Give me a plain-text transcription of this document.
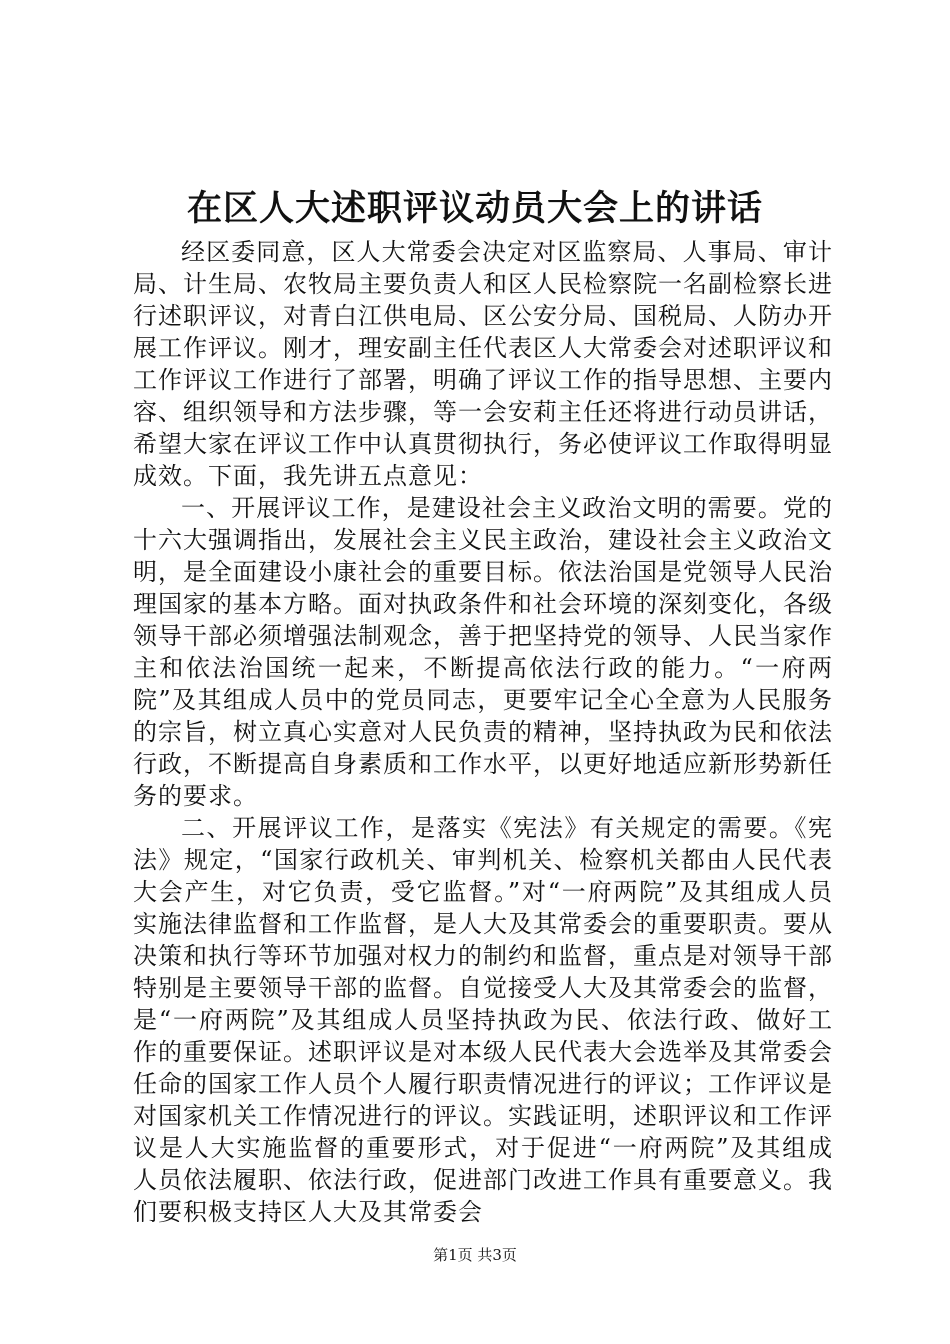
在区人大述职评议动员大会上的讲话

经区委同意，区人大常委会决定对区监察局、人事局、审计局、计生局、农牧局主要负责人和区人民检察院一名副检察长进行述职评议，对青白江供电局、区公安分局、国税局、人防办开展工作评议。刚才，理安副主任代表区人大常委会对述职评议和工作评议工作进行了部署，明确了评议工作的指导思想、主要内容、组织领导和方法步骤，等一会安莉主任还将进行动员讲话，希望大家在评议工作中认真贯彻执行，务必使评议工作取得明显成效。下面，我先讲五点意见：

一、开展评议工作，是建设社会主义政治文明的需要。党的十六大强调指出，发展社会主义民主政治，建设社会主义政治文明，是全面建设小康社会的重要目标。依法治国是党领导人民治理国家的基本方略。面对执政条件和社会环境的深刻变化，各级领导干部必须增强法制观念，善于把坚持党的领导、人民当家作主和依法治国统一起来，不断提高依法行政的能力。“一府两院”及其组成人员中的党员同志，更要牢记全心全意为人民服务的宗旨，树立真心实意对人民负责的精神，坚持执政为民和依法行政，不断提高自身素质和工作水平，以更好地适应新形势新任务的要求。

二、开展评议工作，是落实《宪法》有关规定的需要。《宪法》规定，“国家行政机关、审判机关、检察机关都由人民代表大会产生，对它负责，受它监督。”对“一府两院”及其组成人员实施法律监督和工作监督，是人大及其常委会的重要职责。要从决策和执行等环节加强对权力的制约和监督，重点是对领导干部特别是主要领导干部的监督。自觉接受人大及其常委会的监督，是“一府两院”及其组成人员坚持执政为民、依法行政、做好工作的重要保证。述职评议是对本级人民代表大会选举及其常委会任命的国家工作人员个人履行职责情况进行的评议；工作评议是对国家机关工作情况进行的评议。实践证明，述职评议和工作评议是人大实施监督的重要形式，对于促进“一府两院”及其组成人员依法履职、依法行政，促进部门改进工作具有重要意义。我们要积极支持区人大及其常委会

第1页 共3页
